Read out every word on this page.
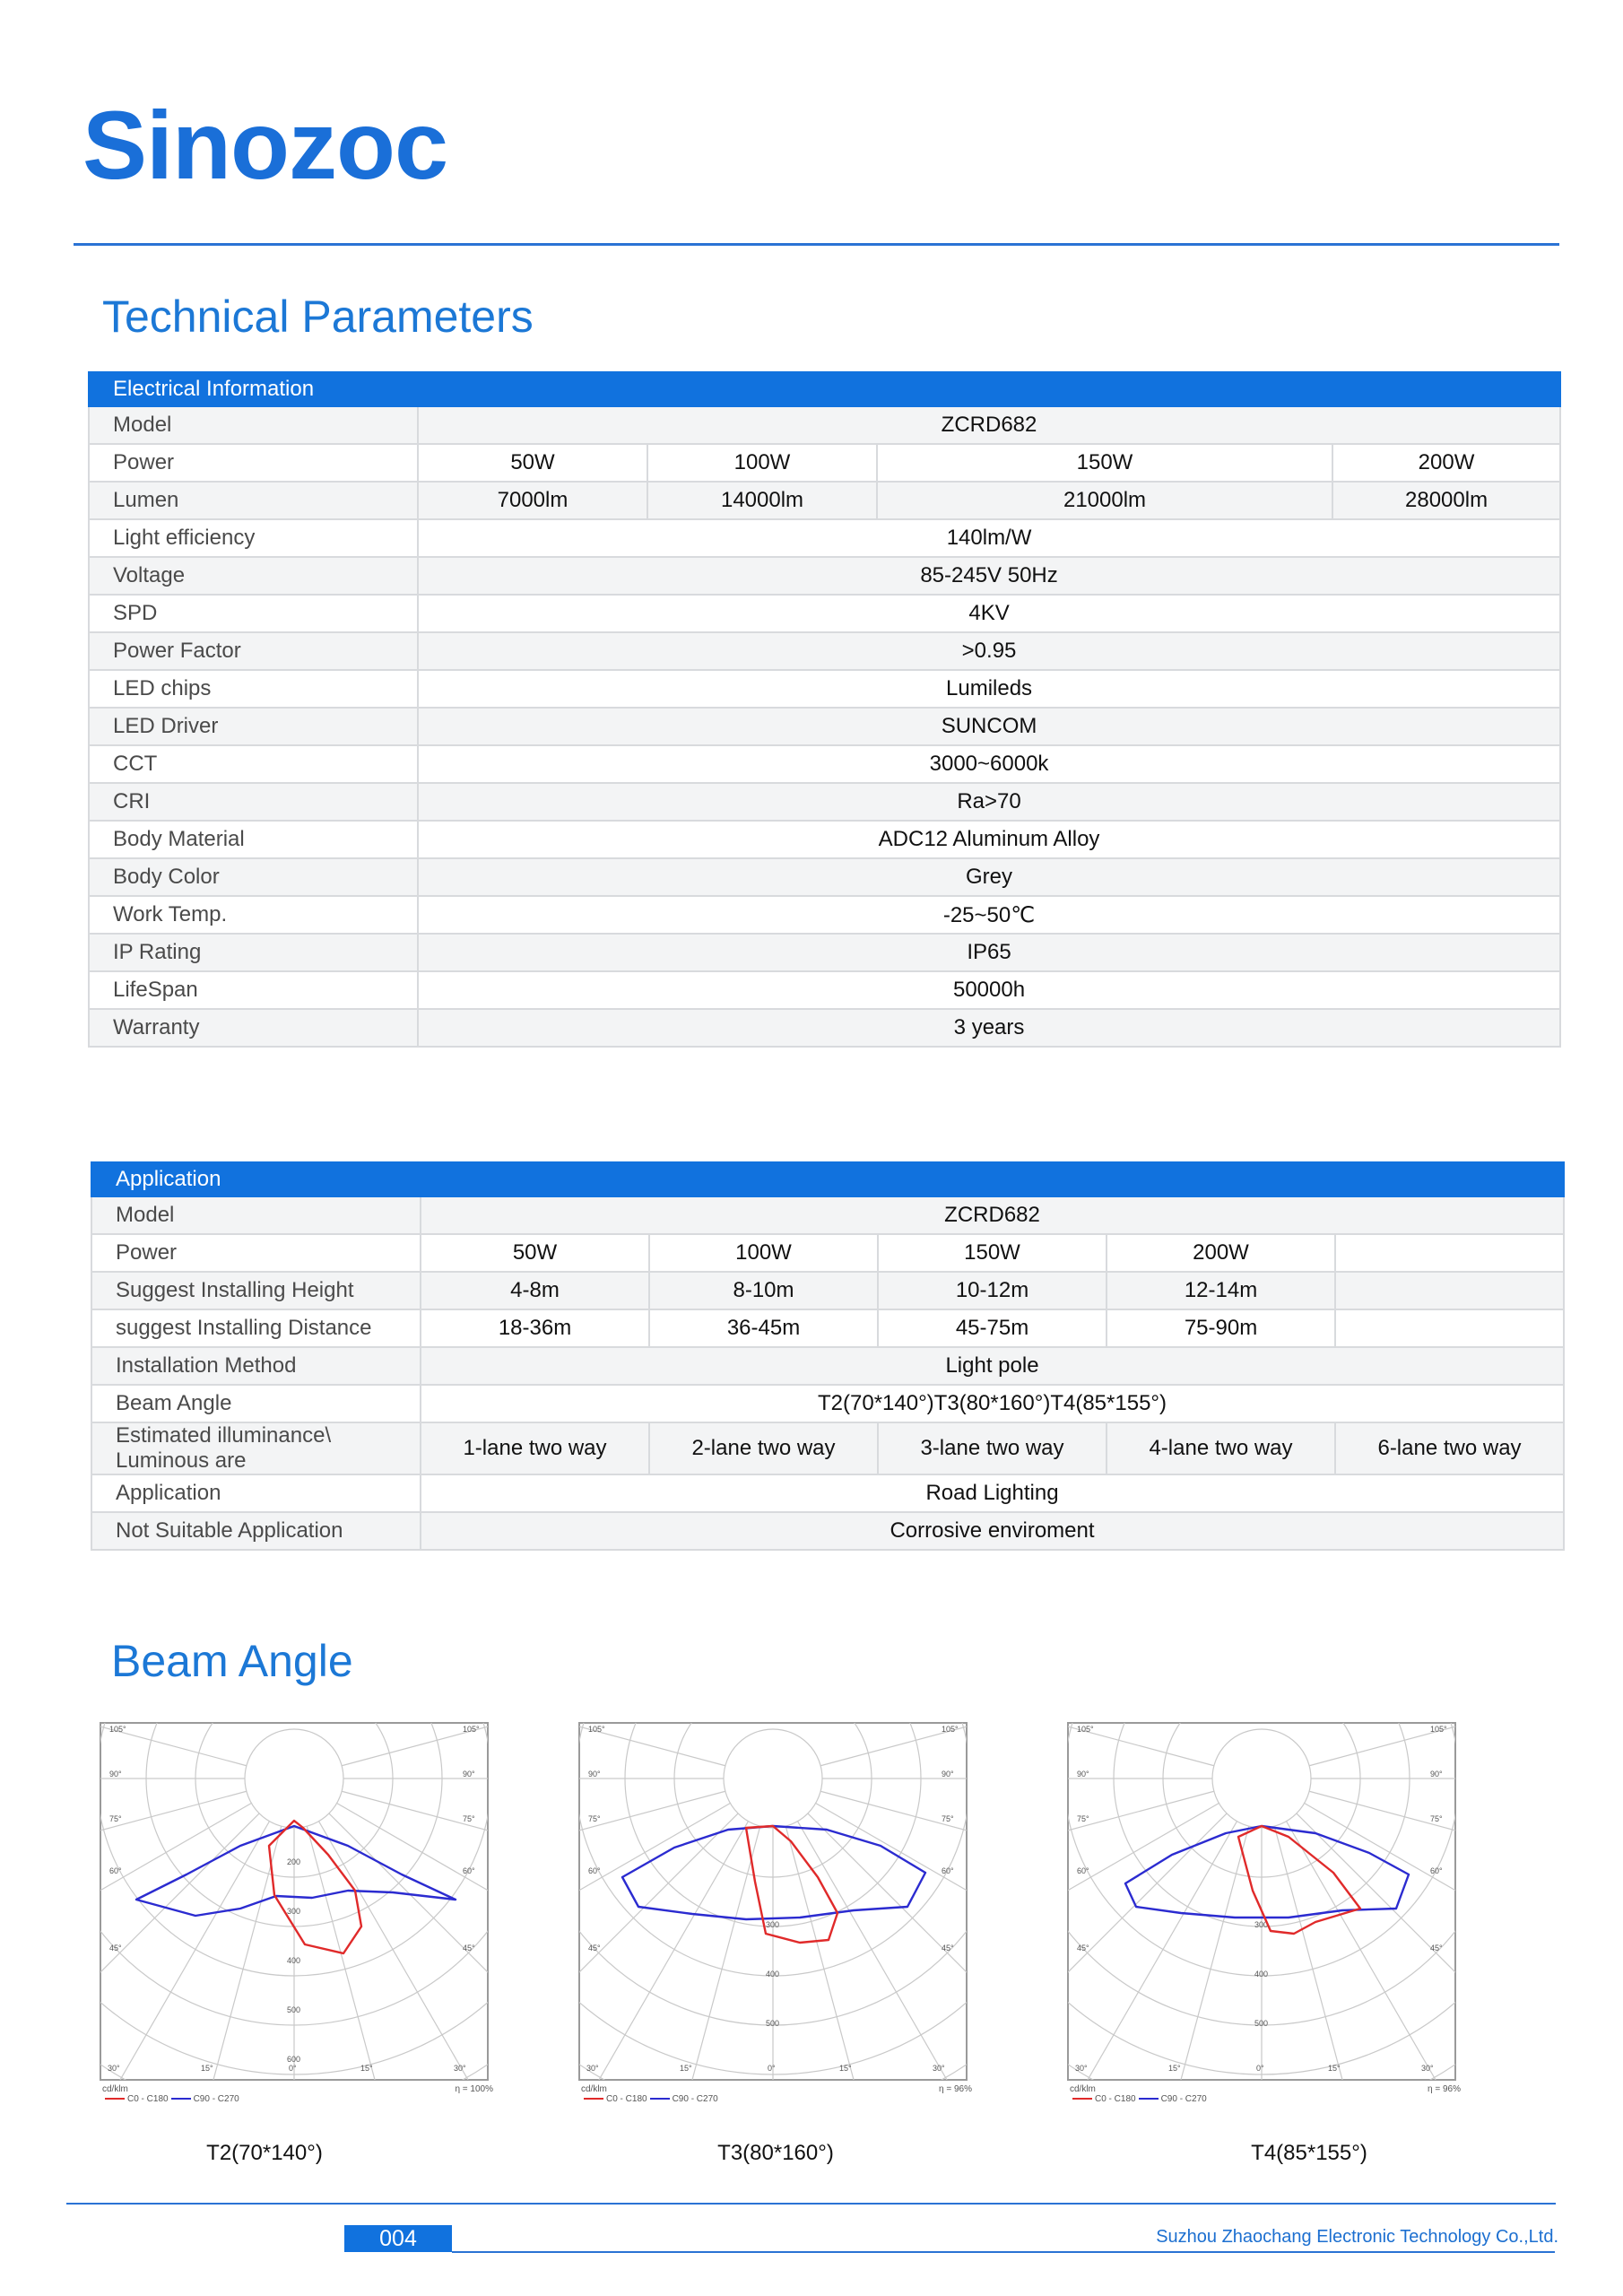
Sinozoc
Technical Parameters
Electrical Information				
Model	ZCRD682			
Power	50W	100W	150W	200W
Lumen	7000lm	14000lm	21000lm	28000lm
Light efficiency	140lm/W			
Voltage	85-245V 50Hz			
SPD	4KV			
Power Factor	>0.95			
LED chips	Lumileds			
LED Driver	SUNCOM			
CCT	3000~6000k			
CRI	Ra>70			
Body Material	ADC12 Aluminum Alloy			
Body Color	Grey			
Work Temp.	-25~50℃			
IP Rating	IP65			
LifeSpan	50000h			
Warranty	3 years			
Application					
Model	ZCRD682				
Power	50W	100W	150W	200W	
Suggest Installing Height	4-8m	8-10m	10-12m	12-14m	
suggest Installing Distance	18-36m	36-45m	45-75m	75-90m	
Installation Method	Light pole				
Beam Angle	T2(70*140°)T3(80*160°)T4(85*155°)				
Estimated illuminance\ Luminous are	1-lane two way	2-lane two way	3-lane two way	4-lane two way	6-lane two way
Application	Road Lighting				
Not Suitable Application	Corrosive enviroment				
Beam Angle
105°	105°
90°	90°
75°	75°
60°	60°
45°	45°
30°	30°
15°	15°
0°
200
300
400
500
600
105°	105°
90°	90°
75°	75°
60°	60°
45°	45°
30°	30°
15°	15°
0°
300
400
500
105°	105°
90°	90°
75°	75°
60°	60°
45°	45°
30°	30°
15°	15°
0°
300
400
500
cd/klm	η = 100%
C0 - C180	C90 - C270
cd/klm	η = 96%
C0 - C180	C90 - C270
cd/klm	η = 96%
C0 - C180	C90 - C270
T2(70*140°)	T3(80*160°)	T4(85*155°)
004	Suzhou Zhaochang Electronic Technology Co.,Ltd.
